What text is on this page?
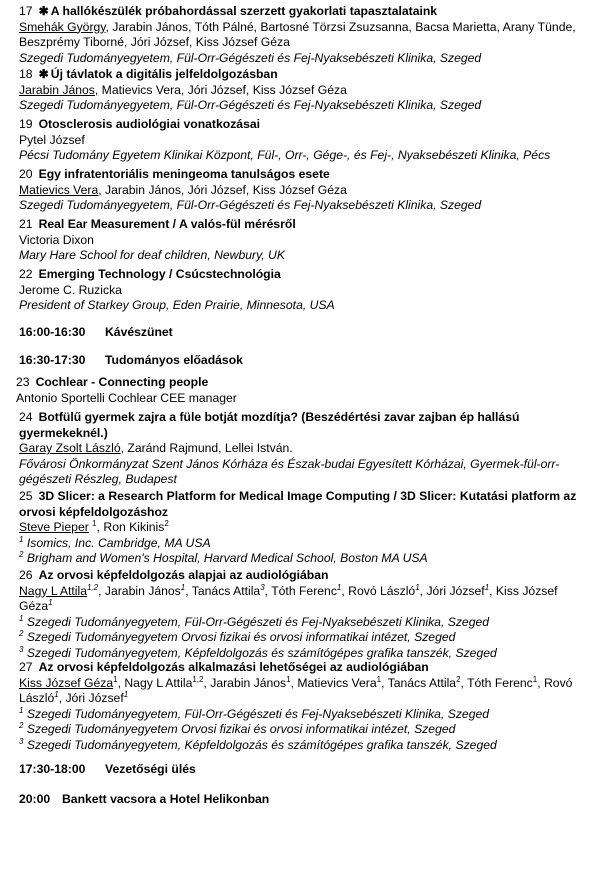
17 ✱ A hallókészülék próbahordással szerzett gyakorlati tapasztalataink
Smehák György, Jarabin János, Tóth Pálné, Bartosné Törzsi Zsuzsanna, Bacsa Marietta, Arany Tünde, Beszprémy Tiborné, Jóri József, Kiss József Géza
Szegedi Tudományegyetem, Fül-Orr-Gégészeti és Fej-Nyaksebészeti Klinika, Szeged
18 ✱ Új távlatok a digitális jelfeldolgozásban
Jarabin János, Matievics Vera, Jóri József, Kiss József Géza
Szegedi Tudományegyetem, Fül-Orr-Gégészeti és Fej-Nyaksebészeti Klinika, Szeged
19 Otosclerosis audiológiai vonatkozásai
Pytel József
Pécsi Tudomány Egyetem Klinikai Központ, Fül-, Orr-, Gége-, és Fej-, Nyaksebészeti Klinika, Pécs
20 Egy infratentoriális meningeoma tanulságos esete
Matievics Vera, Jarabin János, Jóri József, Kiss József Géza
Szegedi Tudományegyetem, Fül-Orr-Gégészeti és Fej-Nyaksebészeti Klinika, Szeged
21 Real Ear Measurement / A valós-fül mérésről
Victoria Dixon
Mary Hare School for deaf children, Newbury, UK
22 Emerging Technology / Csúcstechnológia
Jerome C. Ruzicka
President of Starkey Group, Eden Prairie, Minnesota, USA
16:00-16:30 Kávészünet
16:30-17:30 Tudományos előadások
23 Cochlear - Connecting people
Antonio Sportelli Cochlear CEE manager
24 Botfülű gyermek zajra a füle botját mozdítja? (Beszédértési zavar zajban ép hallású gyermekeknél.)
Garay Zsolt László, Zaránd Rajmund, Lellei István.
Fővárosi Önkormányzat Szent János Kórháza és Észak-budai Egyesített Kórházai, Gyermek-fül-orr-gégészeti Részleg, Budapest
25 3D Slicer: a Research Platform for Medical Image Computing / 3D Slicer: Kutatási platform az orvosi képfeldolgozáshoz
Steve Pieper $^1$, Ron Kikinis$^2$
$^1$ Isomics, Inc. Cambridge, MA USA
$^2$ Brigham and Women's Hospital, Harvard Medical School, Boston MA USA
26 Az orvosi képfeldolgozás alapjai az audiológiában
Nagy L Attila$^{1,2}$, Jarabin János$^1$, Tanács Attila$^3$, Tóth Ferenc$^1$, Rovó László$^1$, Jóri József$^1$, Kiss József Géza$^1$
$^1$ Szegedi Tudományegyetem, Fül-Orr-Gégészeti és Fej-Nyaksebészeti Klinika, Szeged
$^2$ Szegedi Tudományegyetem Orvosi fizikai és orvosi informatikai intézet, Szeged
$^3$ Szegedi Tudományegyetem, Képfeldolgozás és számítógépes grafika tanszék, Szeged
27 Az orvosi képfeldolgozás alkalmazási lehetőségei az audiológiában
Kiss József Géza$^1$, Nagy L Attila$^{1,2}$, Jarabin János$^1$, Matievics Vera$^1$, Tanács Attila$^2$, Tóth Ferenc$^1$, Rovó László$^1$, Jóri József$^1$
$^1$ Szegedi Tudományegyetem, Fül-Orr-Gégészeti és Fej-Nyaksebészeti Klinika, Szeged
$^2$ Szegedi Tudományegyetem Orvosi fizikai és orvosi informatikai intézet, Szeged
$^3$ Szegedi Tudományegyetem, Képfeldolgozás és számítógépes grafika tanszék, Szeged
17:30-18:00 Vezetőségi ülés
20:00 Bankett vacsora a Hotel Helikonban
